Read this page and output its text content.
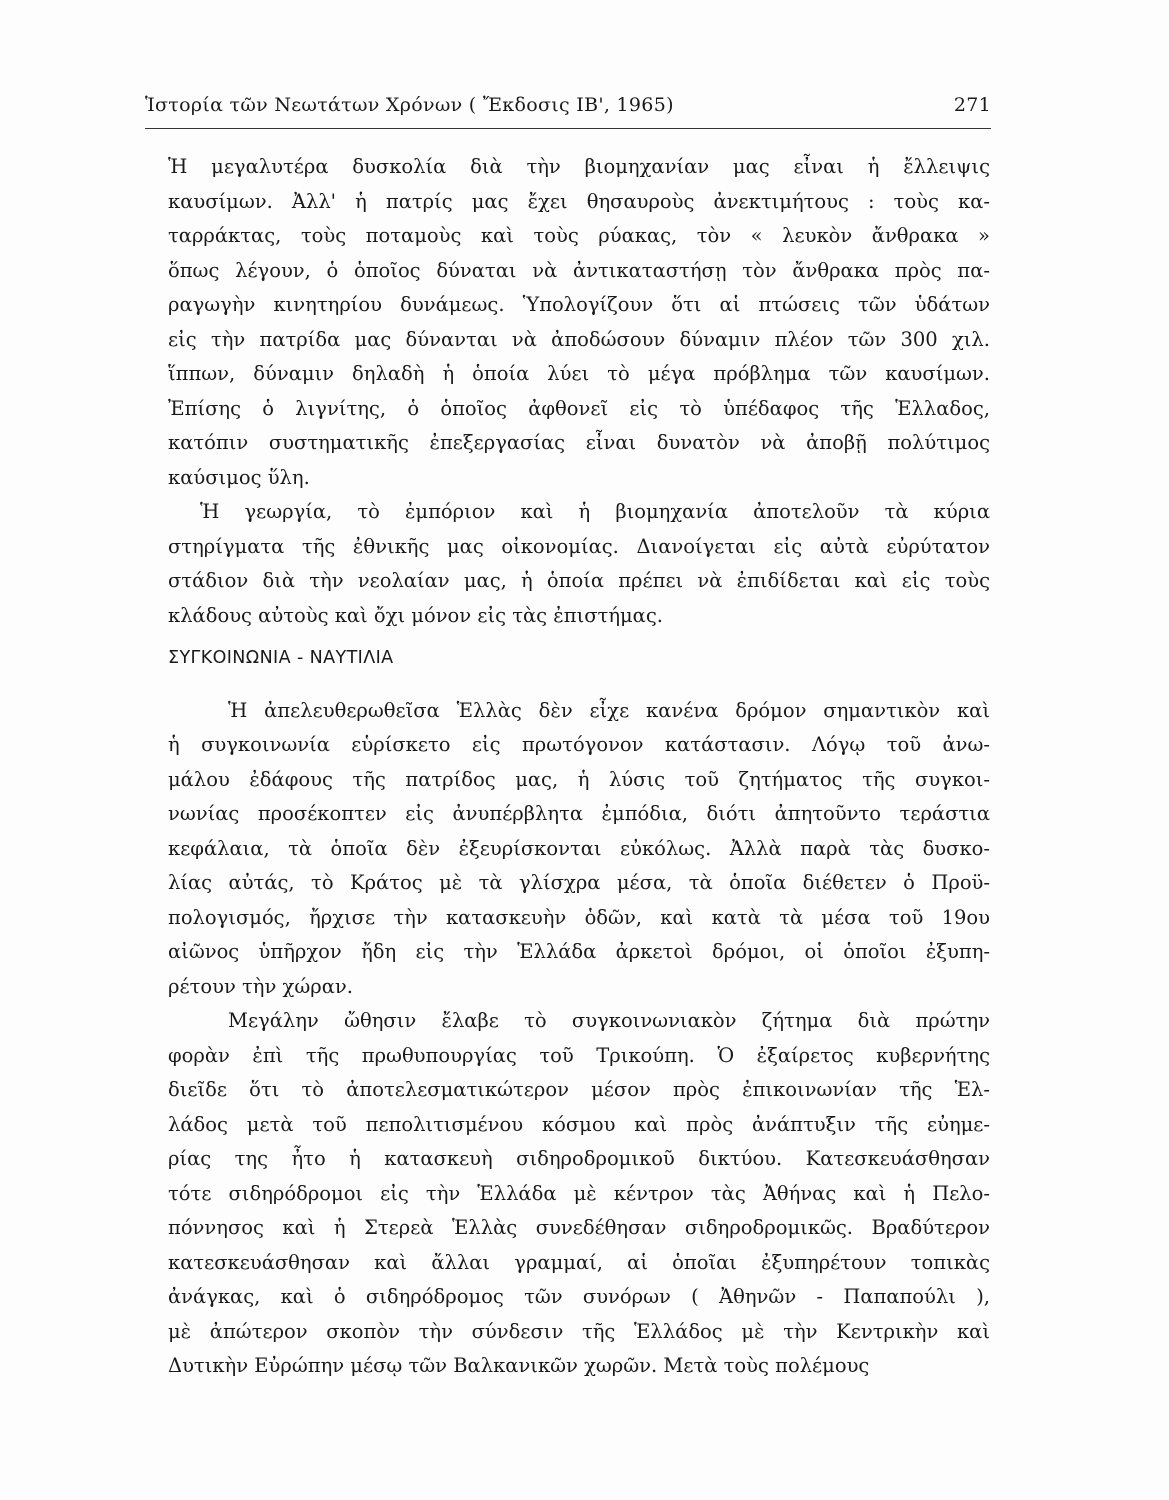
Ἱστορία τῶν Νεωτάτων Χρόνων ( Ἔκδοσις ΙΒ', 1965)	271
Ἡ μεγαλυτέρα δυσκολία διὰ τὴν βιομηχανίαν μας εἶναι ἡ ἔλλειψις
καυσίμων. Ἀλλ' ἡ πατρίς μας ἔχει θησαυροὺς ἀνεκτιμήτους : τοὺς κα-
ταρράκτας, τοὺς ποταμοὺς καὶ τοὺς ρύακας, τὸν « λευκὸν ἄνθρακα »
ὅπως λέγουν, ὁ ὁποῖος δύναται νὰ ἀντικαταστήσῃ τὸν ἄνθρακα πρὸς πα-
ραγωγὴν κινητηρίου δυνάμεως. Ὑπολογίζουν ὅτι αἱ πτώσεις τῶν ὑδάτων
εἰς τὴν πατρίδα μας δύνανται νὰ ἀποδώσουν δύναμιν πλέον τῶν 300 χιλ.
ἵππων, δύναμιν δηλαδὴ ἡ ὁποία λύει τὸ μέγα πρόβλημα τῶν καυσίμων.
Ἐπίσης ὁ λιγνίτης, ὁ ὁποῖος ἀφθονεῖ εἰς τὸ ὑπέδαφος τῆς Ἑλλαδος,
κατόπιν συστηματικῆς ἐπεξεργασίας εἶναι δυνατὸν νὰ ἀποβῇ πολύτιμος
καύσιμος ὕλη.
Ἡ γεωργία, τὸ ἐμπόριον καὶ ἡ βιομηχανία ἀποτελοῦν τὰ κύρια
στηρίγματα τῆς ἐθνικῆς μας οἰκονομίας. Διανοίγεται εἰς αὐτὰ εὐρύτατον
στάδιον διὰ τὴν νεολαίαν μας, ἡ ὁποία πρέπει νὰ ἐπιδίδεται καὶ εἰς τοὺς
κλάδους αὐτοὺς καὶ ὄχι μόνον εἰς τὰς ἐπιστήμας.
ΣΥΓΚΟΙΝΩΝΙΑ - ΝΑΥΤΙΛΙΑ
Ἡ ἀπελευθερωθεῖσα Ἑλλὰς δὲν εἶχε κανένα δρόμον σημαντικὸν καὶ
ἡ συγκοινωνία εὑρίσκετο εἰς πρωτόγονον κατάστασιν. Λόγῳ τοῦ ἀνω-
μάλου ἐδάφους τῆς πατρίδος μας, ἡ λύσις τοῦ ζητήματος τῆς συγκοι-
νωνίας προσέκοπτεν εἰς ἀνυπέρβλητα ἐμπόδια, διότι ἀπητοῦντο τεράστια
κεφάλαια, τὰ ὁποῖα δὲν ἐξευρίσκονται εὐκόλως. Ἀλλὰ παρὰ τὰς δυσκο-
λίας αὐτάς, τὸ Κράτος μὲ τὰ γλίσχρα μέσα, τὰ ὁποῖα διέθετεν ὁ Προϋ-
πολογισμός, ἤρχισε τὴν κατασκευὴν ὁδῶν, καὶ κατὰ τὰ μέσα τοῦ 19ου
αἰῶνος ὑπῆρχον ἤδη εἰς τὴν Ἑλλάδα ἀρκετοὶ δρόμοι, οἱ ὁποῖοι ἐξυπη-
ρέτουν τὴν χώραν.
Μεγάλην ὤθησιν ἔλαβε τὸ συγκοινωνιακὸν ζήτημα διὰ πρώτην
φορὰν ἐπὶ τῆς πρωθυπουργίας τοῦ Τρικούπη. Ὁ ἐξαίρετος κυβερνήτης
διεῖδε ὅτι τὸ ἀποτελεσματικώτερον μέσον πρὸς ἐπικοινωνίαν τῆς Ἑλ-
λάδος μετὰ τοῦ πεπολιτισμένου κόσμου καὶ πρὸς ἀνάπτυξιν τῆς εὐημε-
ρίας της ἦτο ἡ κατασκευὴ σιδηροδρομικοῦ δικτύου. Κατεσκευάσθησαν
τότε σιδηρόδρομοι εἰς τὴν Ἑλλάδα μὲ κέντρον τὰς Ἀθήνας καὶ ἡ Πελο-
πόννησος καὶ ἡ Στερεὰ Ἑλλὰς συνεδέθησαν σιδηροδρομικῶς. Βραδύτερον
κατεσκευάσθησαν καὶ ἄλλαι γραμμαί, αἱ ὁποῖαι ἐξυπηρέτουν τοπικὰς
ἀνάγκας, καὶ ὁ σιδηρόδρομος τῶν συνόρων ( Ἀθηνῶν - Παπαπούλι ),
μὲ ἀπώτερον σκοπὸν τὴν σύνδεσιν τῆς Ἑλλάδος μὲ τὴν Κεντρικὴν καὶ
Δυτικὴν Εὐρώπην μέσῳ τῶν Βαλκανικῶν χωρῶν. Μετὰ τοὺς πολέμους
